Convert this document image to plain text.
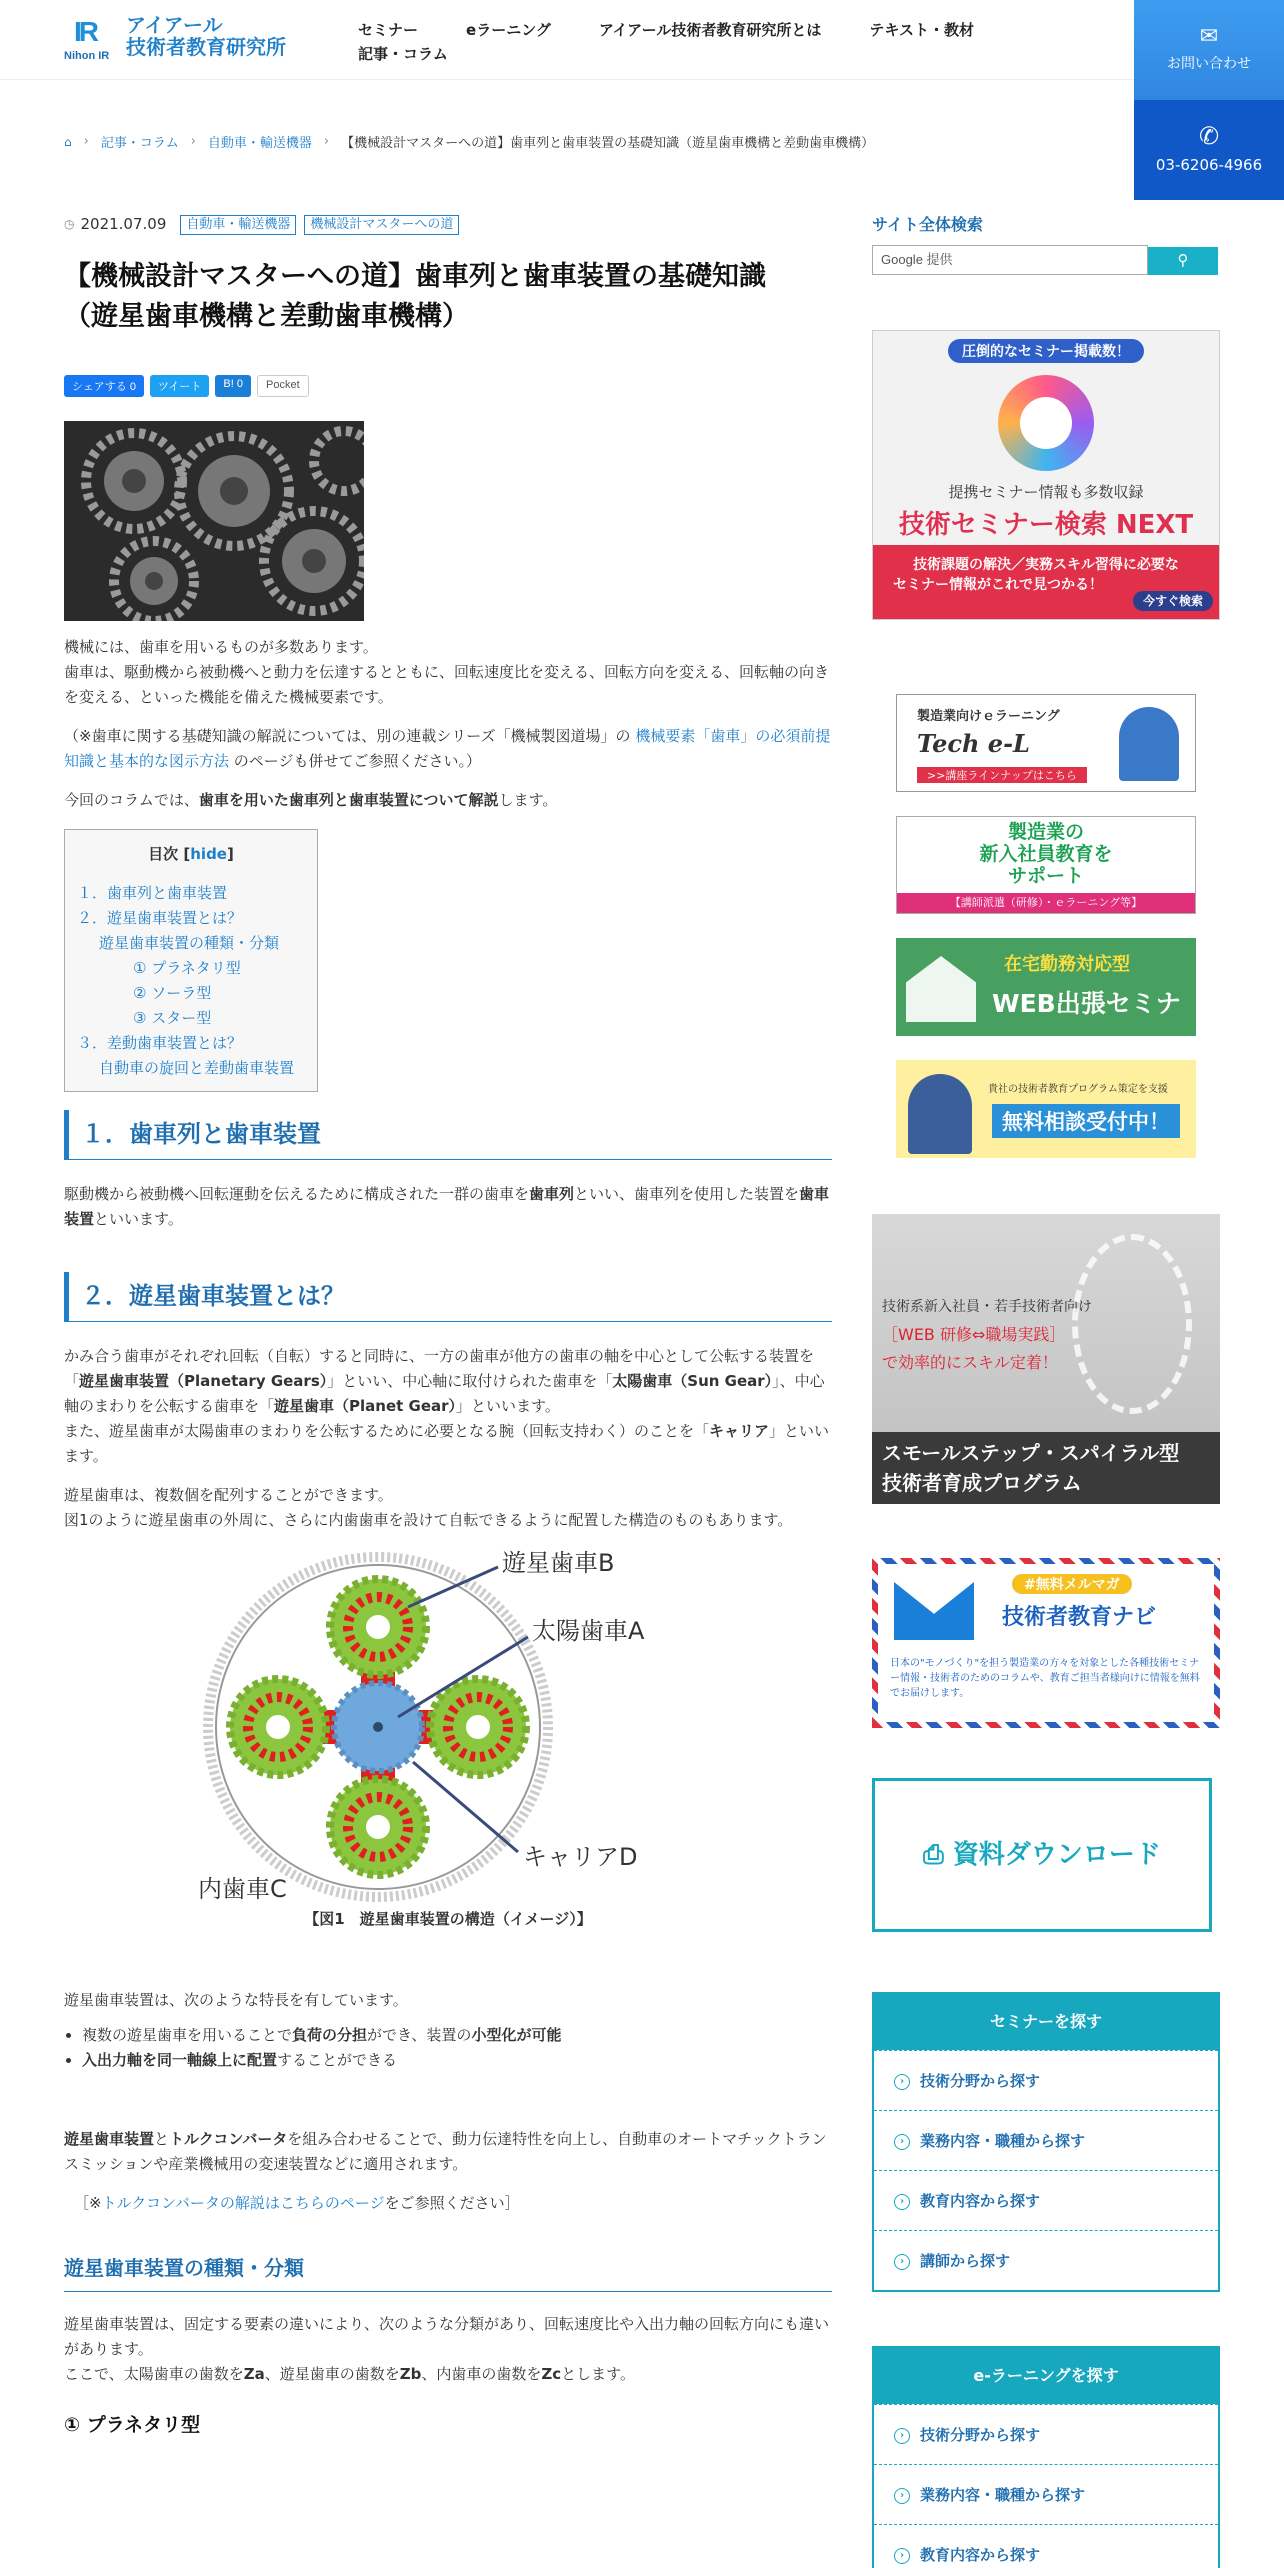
IR
Nihon IR
アイアール
技術者教育研究所
セミナー	eラーニング	アイアール技術者教育研究所とは	テキスト・教材
記事・コラム
✉
お問い合わせ
✆
03-6206-4966
⌂ › 記事・コラム › 自動車・輸送機器 › 【機械設計マスターへの道】歯車列と歯車装置の基礎知識（遊星歯車機構と差動歯車機構）
◷ 2021.07.09	自動車・輸送機器	機械設計マスターへの道
【機械設計マスターへの道】歯車列と歯車装置の基礎知識
（遊星歯車機構と差動歯車機構）
シェアする 0	ツイート	B! 0	Pocket

機械には、歯車を用いるものが多数あります。
歯車は、駆動機から被動機へと動力を伝達するとともに、回転速度比を変える、回転方向を変える、回転軸の向きを変える、といった機能を備えた機械要素です。

（※歯車に関する基礎知識の解説については、別の連載シリーズ「機械製図道場」の 機械要素「歯車」の必須前提知識と基本的な図示方法 のページも併せてご参照ください。）

今回のコラムでは、歯車を用いた歯車列と歯車装置について解説します。

目次 [hide]
１．歯車列と歯車装置
２．遊星歯車装置とは？
遊星歯車装置の種類・分類
① プラネタリ型
② ソーラ型
③ スター型
３．差動歯車装置とは？
自動車の旋回と差動歯車装置
１．歯車列と歯車装置

駆動機から被動機へ回転運動を伝えるために構成された一群の歯車を歯車列といい、歯車列を使用した装置を歯車装置といいます。

２．遊星歯車装置とは？

かみ合う歯車がそれぞれ回転（自転）すると同時に、一方の歯車が他方の歯車の軸を中心として公転する装置を「遊星歯車装置（Planetary Gears）」といい、中心軸に取付けられた歯車を「太陽歯車（Sun Gear）」、中心軸のまわりを公転する歯車を「遊星歯車（Planet Gear）」といいます。
また、遊星歯車が太陽歯車のまわりを公転するために必要となる腕（回転支持わく）のことを「キャリア」といいます。

遊星歯車は、複数個を配列することができます。
図1のように遊星歯車の外周に、さらに内歯歯車を設けて自転できるように配置した構造のものもあります。

遊星歯車B
太陽歯車A
キャリアD
内歯車C
【図1　遊星歯車装置の構造（イメージ）】

遊星歯車装置は、次のような特長を有しています。

• 複数の遊星歯車を用いることで負荷の分担ができ、装置の小型化が可能
• 入出力軸を同一軸線上に配置することができる

遊星歯車装置とトルクコンバータを組み合わせることで、動力伝達特性を向上し、自動車のオートマチックトランスミッションや産業機械用の変速装置などに適用されます。

［※トルクコンバータの解説はこちらのページをご参照ください］

遊星歯車装置の種類・分類

遊星歯車装置は、固定する要素の違いにより、次のような分類があり、回転速度比や入出力軸の回転方向にも違いがあります。
ここで、太陽歯車の歯数をZa、遊星歯車の歯数をZb、内歯車の歯数をZcとします。

① プラネタリ型
サイト全体検索
Google 提供	⚲
圧倒的なセミナー掲載数！
提携セミナー情報も多数収録
技術セミナー検索 NEXT
技術課題の解決／実務スキル習得に必要な
セミナー情報がこれで見つかる！
今すぐ検索
製造業向けｅラーニング
Tech e-L
>>講座ラインナップはこちら
製造業の
新入社員教育を
サポート
【講師派遣（研修）・ｅラーニング等】
在宅勤務対応型
WEB出張セミナー
貴社の技術者教育プログラム策定を支援
無料相談受付中！
技術系新入社員・若手技術者向け
［WEB 研修⇔職場実践］
で効率的にスキル定着！
スモールステップ・スパイラル型
技術者育成プログラム
#無料メルマガ
技術者教育ナビ
日本の"モノづくり"を担う製造業の方々を対象とした各種技術セミナー情報・技術者のためのコラムや、教育ご担当者様向けに情報を無料でお届けします。
⎙ 資料ダウンロード
セミナーを探す
› 技術分野から探す
› 業務内容・職種から探す
› 教育内容から探す
› 講師から探す
e-ラーニングを探す
› 技術分野から探す
› 業務内容・職種から探す
› 教育内容から探す
